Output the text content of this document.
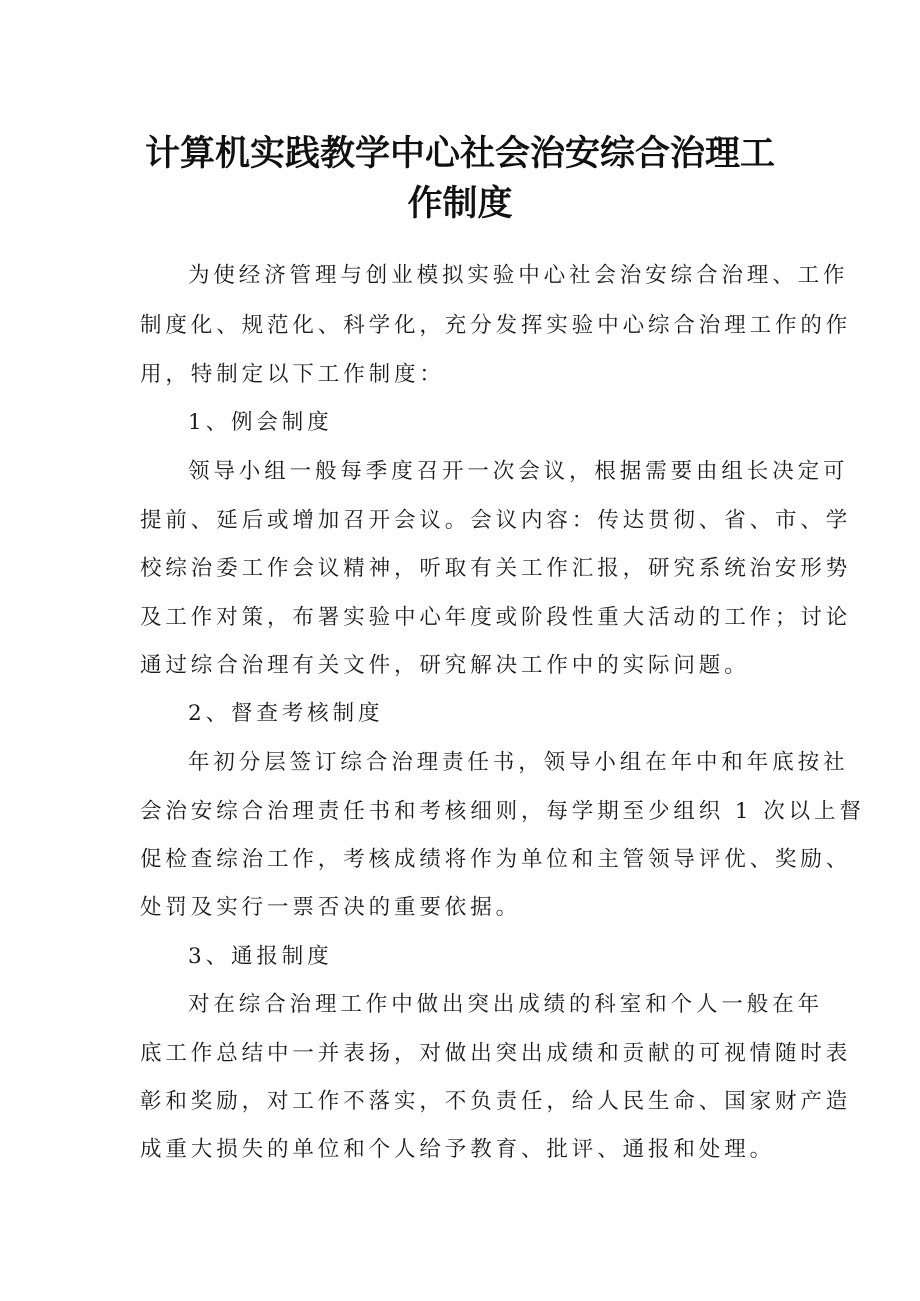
计算机实践教学中心社会治安综合治理工
作制度
为使经济管理与创业模拟实验中心社会治安综合治理、工作
制度化、规范化、科学化，充分发挥实验中心综合治理工作的作
用，特制定以下工作制度：
1、例会制度
领导小组一般每季度召开一次会议，根据需要由组长决定可
提前、延后或增加召开会议。会议内容：传达贯彻、省、市、学
校综治委工作会议精神，听取有关工作汇报，研究系统治安形势
及工作对策，布署实验中心年度或阶段性重大活动的工作；讨论
通过综合治理有关文件，研究解决工作中的实际问题。
2、督查考核制度
年初分层签订综合治理责任书，领导小组在年中和年底按社
会治安综合治理责任书和考核细则，每学期至少组织 1 次以上督
促检查综治工作，考核成绩将作为单位和主管领导评优、奖励、
处罚及实行一票否决的重要依据。
3、通报制度
对在综合治理工作中做出突出成绩的科室和个人一般在年
底工作总结中一并表扬，对做出突出成绩和贡献的可视情随时表
彰和奖励，对工作不落实，不负责任，给人民生命、国家财产造
成重大损失的单位和个人给予教育、批评、通报和处理。
